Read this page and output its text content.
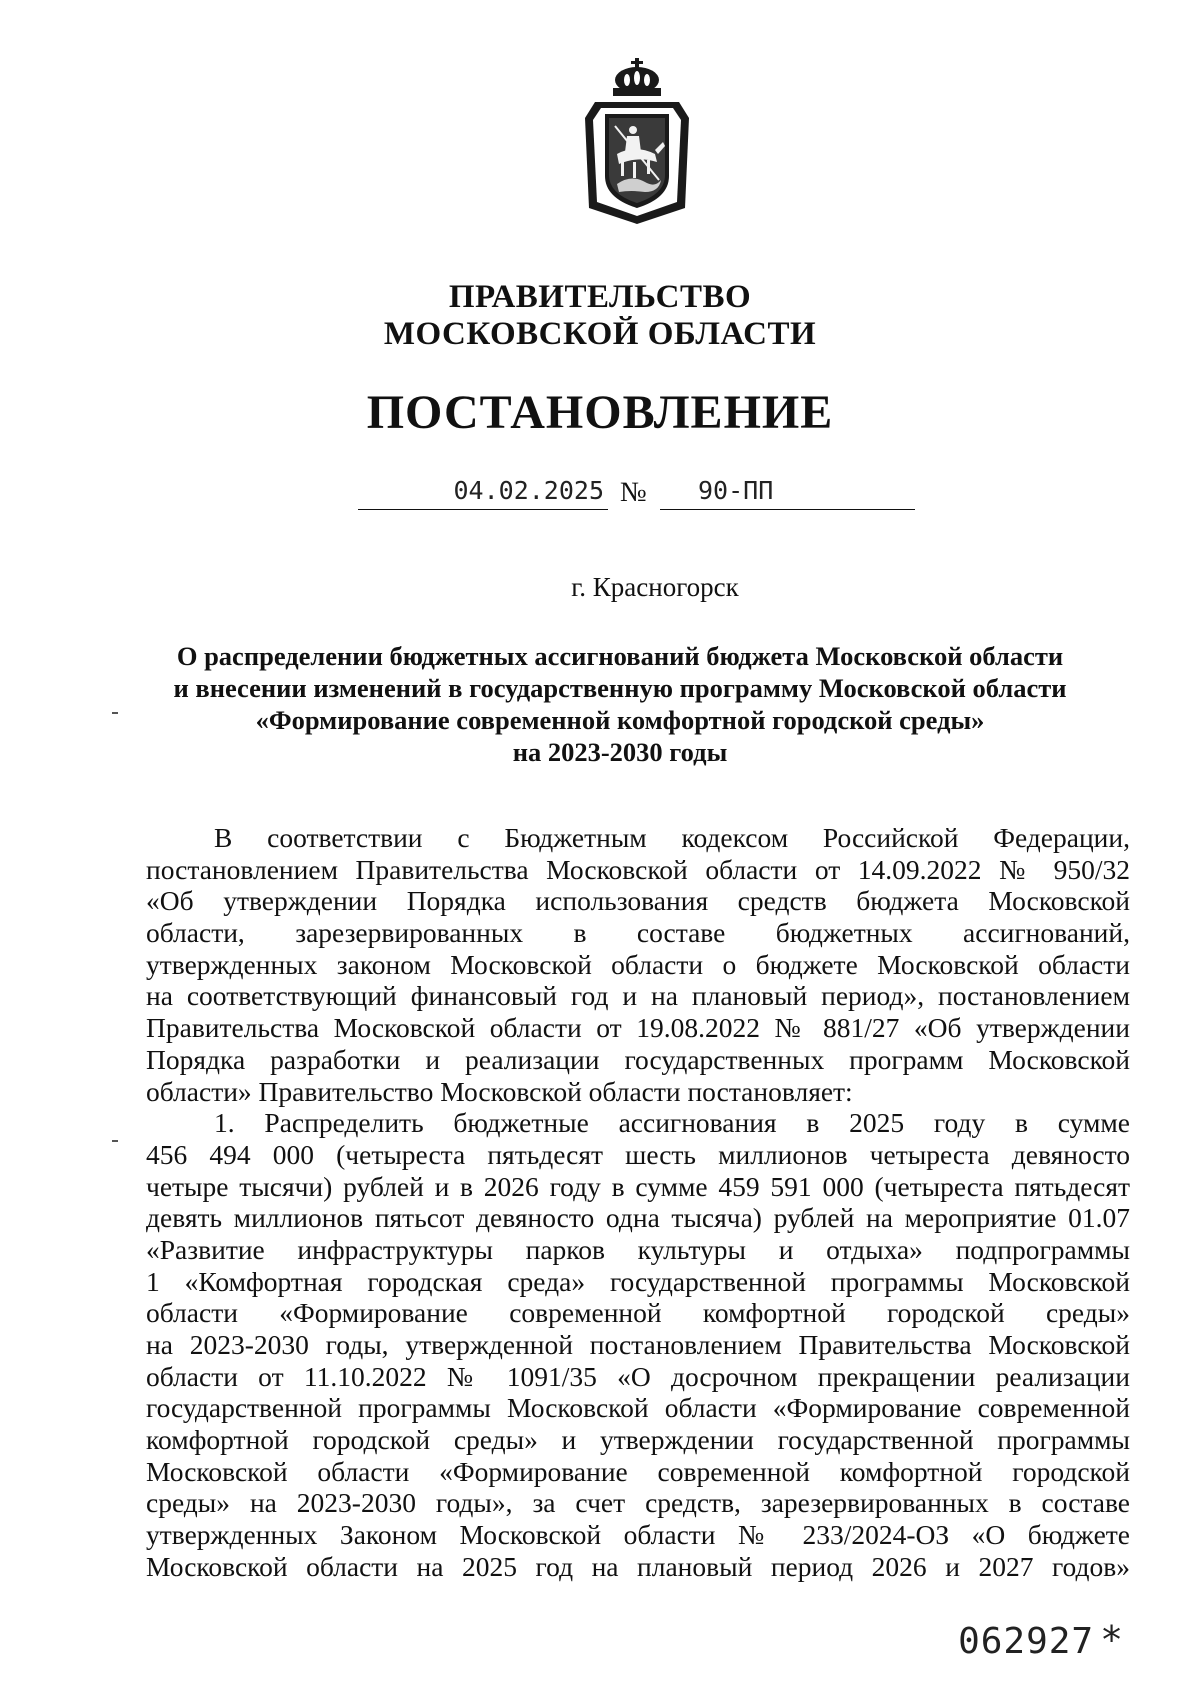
ПРАВИТЕЛЬСТВО
МОСКОВСКОЙ ОБЛАСТИ
ПОСТАНОВЛЕНИЕ
04.02.2025 №	90-ПП
г. Красногорск
О распределении бюджетных ассигнований бюджета Московской области
и внесении изменений в государственную программу Московской области
«Формирование современной комфортной городской среды»
на 2023-2030 годы
В соответствии с Бюджетным кодексом Российской Федерации,
постановлением Правительства Московской области от 14.09.2022 № 950/32
«Об утверждении Порядка использования средств бюджета Московской
области, зарезервированных в составе бюджетных ассигнований,
утвержденных законом Московской области о бюджете Московской области
на соответствующий финансовый год и на плановый период», постановлением
Правительства Московской области от 19.08.2022 № 881/27 «Об утверждении
Порядка разработки и реализации государственных программ Московской
области» Правительство Московской области постановляет:
1. Распределить бюджетные ассигнования в 2025 году в сумме
456 494 000 (четыреста пятьдесят шесть миллионов четыреста девяносто
четыре тысячи) рублей и в 2026 году в сумме 459 591 000 (четыреста пятьдесят
девять миллионов пятьсот девяносто одна тысяча) рублей на мероприятие 01.07
«Развитие инфраструктуры парков культуры и отдыха» подпрограммы
1 «Комфортная городская среда» государственной программы Московской
области «Формирование современной комфортной городской среды»
на 2023-2030 годы, утвержденной постановлением Правительства Московской
области от 11.10.2022 № 1091/35 «О досрочном прекращении реализации
государственной программы Московской области «Формирование современной
комфортной городской среды» и утверждении государственной программы
Московской области «Формирование современной комфортной городской
среды» на 2023-2030 годы», за счет средств, зарезервированных в составе
утвержденных Законом Московской области № 233/2024-ОЗ «О бюджете
Московской области на 2025 год на плановый период 2026 и 2027 годов»
062927 *
